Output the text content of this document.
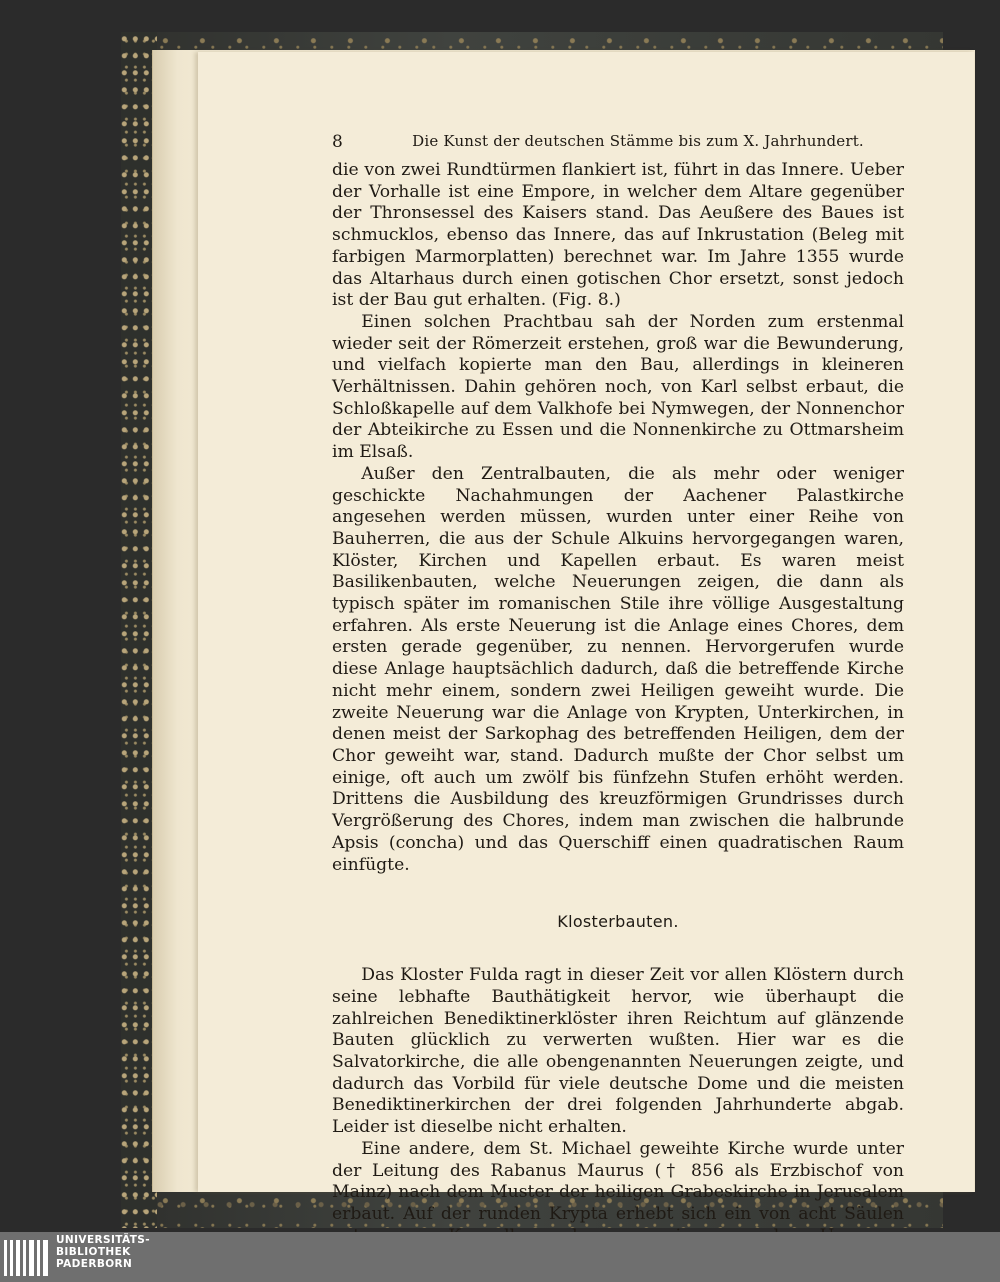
8	Die Kunst der deutschen Stämme bis zum X. Jahrhundert.

die von zwei Rundtürmen flankiert ist, führt in das Innere. Ueber der Vorhalle ist eine Empore, in welcher dem Altare gegenüber der Thronsessel des Kaisers stand. Das Aeußere des Baues ist schmucklos, ebenso das Innere, das auf Inkrustation (Beleg mit farbigen Marmorplatten) berechnet war. Im Jahre 1355 wurde das Altarhaus durch einen gotischen Chor ersetzt, sonst jedoch ist der Bau gut erhalten. (Fig. 8.)

Einen solchen Prachtbau sah der Norden zum erstenmal wieder seit der Römerzeit erstehen, groß war die Bewunderung, und vielfach kopierte man den Bau, allerdings in kleineren Verhältnissen. Dahin gehören noch, von Karl selbst erbaut, die Schloßkapelle auf dem Valkhofe bei Nymwegen, der Nonnenchor der Abteikirche zu Essen und die Nonnenkirche zu Ottmarsheim im Elsaß.

Außer den Zentralbauten, die als mehr oder weniger geschickte Nachahmungen der Aachener Palastkirche angesehen werden müssen, wurden unter einer Reihe von Bauherren, die aus der Schule Alkuins hervorgegangen waren, Klöster, Kirchen und Kapellen erbaut. Es waren meist Basilikenbauten, welche Neuerungen zeigen, die dann als typisch später im romanischen Stile ihre völlige Ausgestaltung erfahren. Als erste Neuerung ist die Anlage eines Chores, dem ersten gerade gegenüber, zu nennen. Hervorgerufen wurde diese Anlage hauptsächlich dadurch, daß die betreffende Kirche nicht mehr einem, sondern zwei Heiligen geweiht wurde. Die zweite Neuerung war die Anlage von Krypten, Unterkirchen, in denen meist der Sarkophag des betreffenden Heiligen, dem der Chor geweiht war, stand. Dadurch mußte der Chor selbst um einige, oft auch um zwölf bis fünfzehn Stufen erhöht werden. Drittens die Ausbildung des kreuzförmigen Grundrisses durch Vergrößerung des Chores, indem man zwischen die halbrunde Apsis (concha) und das Querschiff einen quadratischen Raum einfügte.

Klosterbauten.

Das Kloster Fulda ragt in dieser Zeit vor allen Klöstern durch seine lebhafte Bauthätigkeit hervor, wie überhaupt die zahlreichen Benediktinerklöster ihren Reichtum auf glänzende Bauten glücklich zu verwerten wußten. Hier war es die Salvatorkirche, die alle obengenannten Neuerungen zeigte, und dadurch das Vorbild für viele deutsche Dome und die meisten Benediktinerkirchen der drei folgenden Jahrhunderte abgab. Leider ist dieselbe nicht erhalten.

Eine andere, dem St. Michael geweihte Kirche wurde unter der Leitung des Rabanus Maurus († 856 als Erzbischof von Mainz) nach dem Muster der heiligen Grabeskirche in Jerusalem erbaut. Auf der runden Krypta erhebt sich ein von acht Säulen

UNIVERSITÄTS-
BIBLIOTHEK
PADERBORN
